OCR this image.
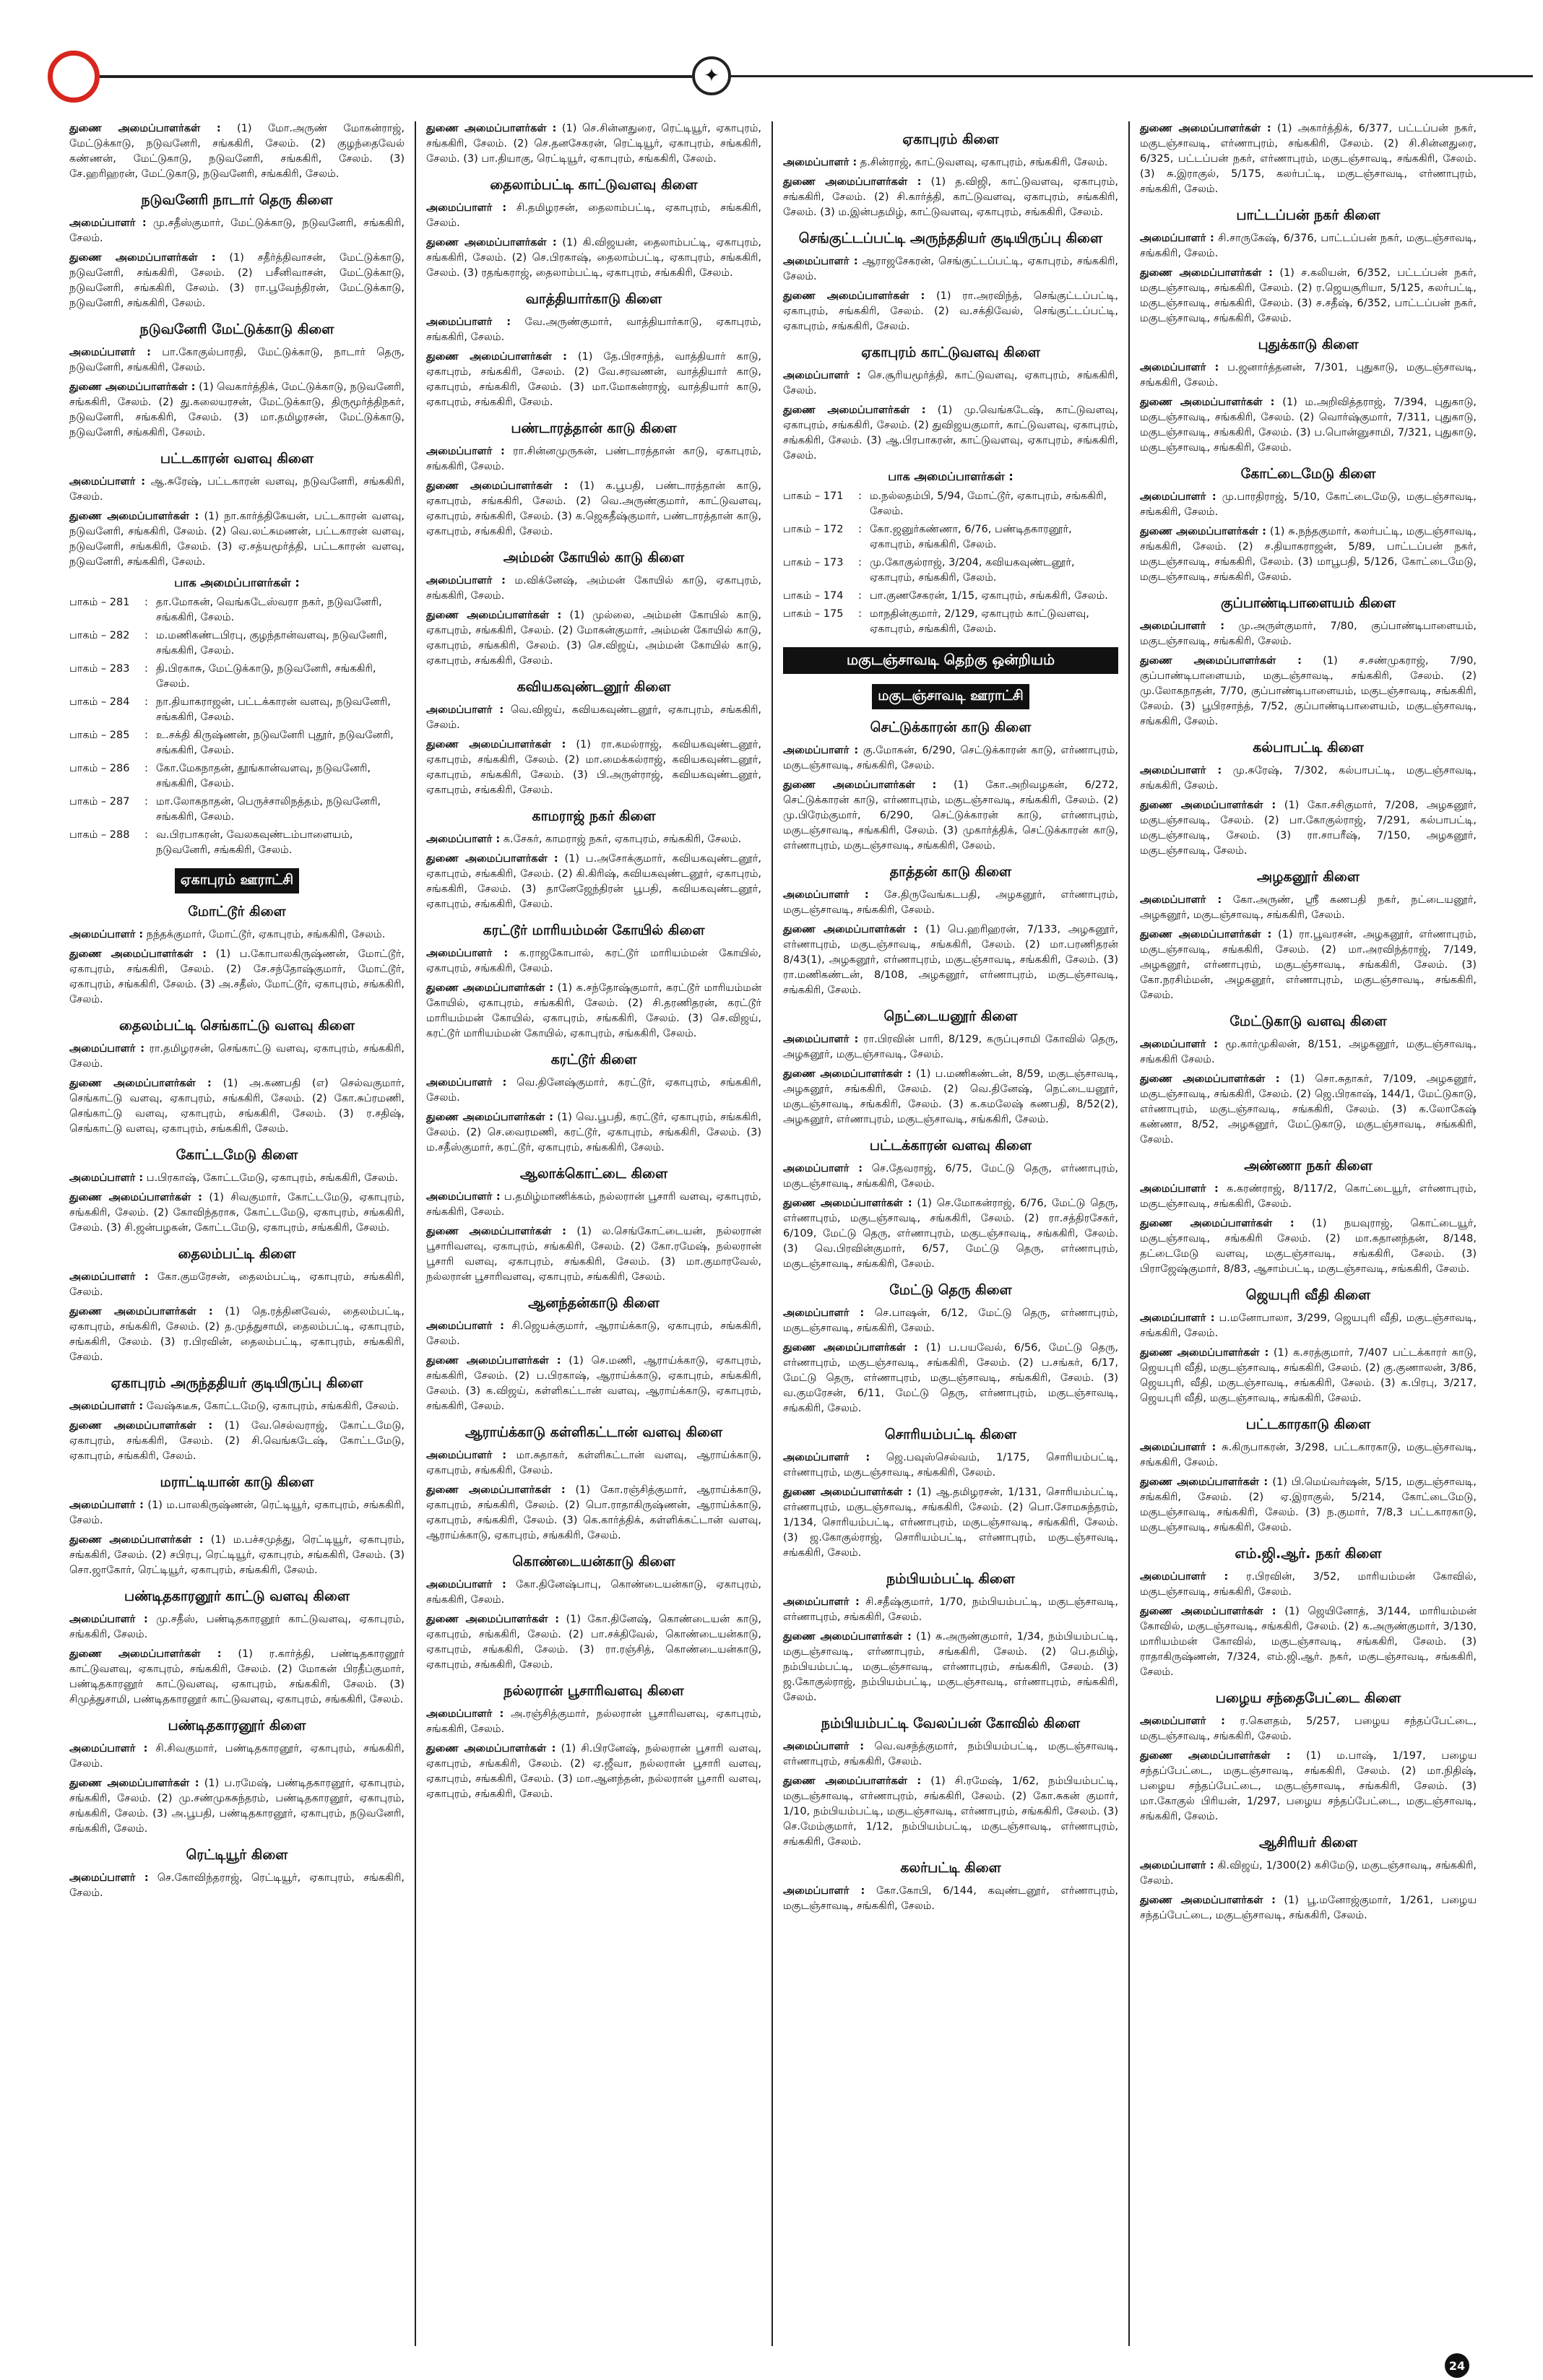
✦

துணை அமைப்பாளர்கள் : (1) மோ.அருண் மோகன்ராஜ், மேட்டுக்காடு, நடுவனேரி, சங்ககிரி, சேலம். (2) குழந்தைவேல் கண்ணன், மேட்டுகாடு, நடுவனேரி, சங்ககிரி, சேலம். (3) சே.ஹரிஹரன், மேட்டுகாடு, நடுவனேரி, சங்ககிரி, சேலம்.

நடுவனேரி நாடார் தெரு கிளை

அமைப்பாளர் : மு.சதீஸ்குமார், மேட்டுக்காடு, நடுவனேரி, சங்ககிரி, சேலம்.

துணை அமைப்பாளர்கள் : (1) சதீர்த்திவாசன், மேட்டுக்காடு, நடுவனேரி, சங்ககிரி, சேலம். (2) பசீனிவாசன், மேட்டுக்காடு, நடுவனேரி, சங்ககிரி, சேலம். (3) ரா.பூவேந்திரன், மேட்டுக்காடு, நடுவனேரி, சங்ககிரி, சேலம்.

நடுவனேரி மேட்டுக்காடு கிளை

அமைப்பாளர் : பா.கோகுல்பாரதி, மேட்டுக்காடு, நாடார் தெரு, நடுவனேரி, சங்ககிரி, சேலம்.

துணை அமைப்பாளர்கள் : (1) வெகார்த்திக், மேட்டுக்காடு, நடுவனேரி, சங்ககிரி, சேலம். (2) து.கலையரசன், மேட்டுக்காடு, திருமூர்த்திநகர், நடுவனேரி, சங்ககிரி, சேலம். (3) மா.தமிழரசன், மேட்டுக்காடு, நடுவனேரி, சங்ககிரி, சேலம்.

பட்டகாரன் வளவு கிளை

அமைப்பாளர் : ஆ.சுரேஷ், பட்டகாரன் வளவு, நடுவனேரி, சங்ககிரி, சேலம்.

துணை அமைப்பாளர்கள் : (1) நா.கார்த்திகேயன், பட்டகாரன் வளவு, நடுவனேரி, சங்ககிரி, சேலம். (2) வெ.லட்சுமணன், பட்டகாரன் வளவு, நடுவனேரி, சங்ககிரி, சேலம். (3) ஏ.சத்யமூர்த்தி, பட்டகாரன் வளவு, நடுவனேரி, சங்ககிரி, சேலம்.

பாக அமைப்பாளர்கள் :
பாகம் – 281	: தா.மோகன், வெங்கடேஸ்வரா நகர், நடுவனேரி, சங்ககிரி, சேலம்.
பாகம் – 282	: ம.மணிகண்டபிரபு, குழந்தான்வளவு, நடுவனேரி, சங்ககிரி, சேலம்.
பாகம் – 283	: தி.பிரகாசு, மேட்டுக்காடு, நடுவனேரி, சங்ககிரி, சேலம்.
பாகம் – 284	: நா.தியாகராஜன், பட்டக்காரன் வளவு, நடுவனேரி, சங்ககிரி, சேலம்.
பாகம் – 285	: உ.சக்தி கிருஷ்ணன், நடுவனேரி புதூர், நடுவனேரி, சங்ககிரி, சேலம்.
பாகம் – 286	: கோ.மேகநாதன், தூங்கான்வளவு, நடுவனேரி, சங்ககிரி, சேலம்.
பாகம் – 287	: மா.லோகநாதன், பெருச்சாலிநத்தம், நடுவனேரி, சங்ககிரி, சேலம்.
பாகம் – 288	: வ.பிரபாகரன், வேலகவுண்டம்பாளையம், நடுவனேரி, சங்ககிரி, சேலம்.
ஏகாபுரம் ஊராட்சி
மோட்டூர் கிளை

அமைப்பாளர் : நந்தக்குமார், மோட்டூர், ஏகாபுரம், சங்ககிரி, சேலம்.

துணை அமைப்பாளர்கள் : (1) ப.கோபாலகிருஷ்ணன், மோட்டூர், ஏகாபுரம், சங்ககிரி, சேலம். (2) சே.சந்தோஷ்குமார், மோட்டூர், ஏகாபுரம், சங்ககிரி, சேலம். (3) அ.சதீஸ், மோட்டூர், ஏகாபுரம், சங்ககிரி, சேலம்.

தைலம்பட்டி செங்காட்டு வளவு கிளை

அமைப்பாளர் : ரா.தமிழரசன், செங்காட்டு வளவு, ஏகாபுரம், சங்ககிரி, சேலம்.

துணை அமைப்பாளர்கள் : (1) அ.கணபதி (எ) செல்வகுமார், செங்காட்டு வளவு, ஏகாபுரம், சங்ககிரி, சேலம். (2) கோ.சுப்ரமணி, செங்காட்டு வளவு, ஏகாபுரம், சங்ககிரி, சேலம். (3) ர.சதிஷ், செங்காட்டு வளவு, ஏகாபுரம், சங்ககிரி, சேலம்.

கோட்டமேடு கிளை

அமைப்பாளர் : ப.பிரகாஷ், கோட்டமேடு, ஏகாபுரம், சங்ககிரி, சேலம்.

துணை அமைப்பாளர்கள் : (1) சிவகுமார், கோட்டமேடு, ஏகாபுரம், சங்ககிரி, சேலம். (2) கோவிந்தராசு, கோட்டமேடு, ஏகாபுரம், சங்ககிரி, சேலம். (3) சி.ஜன்பழகன், கோட்டமேடு, ஏகாபுரம், சங்ககிரி, சேலம்.

தைலம்பட்டி கிளை

அமைப்பாளர் : கோ.குமரேசன், தைலம்பட்டி, ஏகாபுரம், சங்ககிரி, சேலம்.

துணை அமைப்பாளர்கள் : (1) தெ.ரத்தினவேல், தைலம்பட்டி, ஏகாபுரம், சங்ககிரி, சேலம். (2) த.முத்துசாமி, தைலம்பட்டி, ஏகாபுரம், சங்ககிரி, சேலம். (3) ர.பிரவின், தைலம்பட்டி, ஏகாபுரம், சங்ககிரி, சேலம்.

ஏகாபுரம் அருந்ததியர் குடியிருப்பு கிளை

அமைப்பாளர் : வேஷ்கடீசு, கோட்டமேடு, ஏகாபுரம், சங்ககிரி, சேலம்.

துணை அமைப்பாளர்கள் : (1) வே.செல்வராஜ், கோட்டமேடு, ஏகாபுரம், சங்ககிரி, சேலம். (2) சி.வெங்கடேஷ், கோட்டமேடு, ஏகாபுரம், சங்ககிரி, சேலம்.

மராட்டியான் காடு கிளை

அமைப்பாளர் : (1) ம.பாலகிருஷ்ணன், ரெட்டியூர், ஏகாபுரம், சங்ககிரி, சேலம்.

துணை அமைப்பாளர்கள் : (1) ம.பச்சமுத்து, ரெட்டியூர், ஏகாபுரம், சங்ககிரி, சேலம். (2) சபிரபு, ரெட்டியூர், ஏகாபுரம், சங்ககிரி, சேலம். (3) சொ.ஜாகோர், ரெட்டியூர், ஏகாபுரம், சங்ககிரி, சேலம்.

பண்டிதகாரனூர் காட்டு வளவு கிளை

அமைப்பாளர் : மு.சதீஸ், பண்டிதகாரனூர் காட்டுவளவு, ஏகாபுரம், சங்ககிரி, சேலம்.

துணை அமைப்பாளர்கள் : (1) ர.கார்த்தி, பண்டிதகாரனூர் காட்டுவளவு, ஏகாபுரம், சங்ககிரி, சேலம். (2) மோகன் பிரதீப்குமார், பண்டிதகாரனூர் காட்டுவளவு, ஏகாபுரம், சங்ககிரி, சேலம். (3) சிமுத்துசாமி, பண்டிதகாரனூர் காட்டுவளவு, ஏகாபுரம், சங்ககிரி, சேலம்.

பண்டிதகாரனூர் கிளை

அமைப்பாளர் : சி.சிவகுமார், பண்டிதகாரனூர், ஏகாபுரம், சங்ககிரி, சேலம்.

துணை அமைப்பாளர்கள் : (1) ப.ரமேஷ், பண்டிதகாரனூர், ஏகாபுரம், சங்ககிரி, சேலம். (2) மு.சண்முகசுந்தரம், பண்டிதகாரனூர், ஏகாபுரம், சங்ககிரி, சேலம். (3) அ.பூபதி, பண்டிதகாரனூர், ஏகாபுரம், நடுவனேரி, சங்ககிரி, சேலம்.

ரெட்டியூர் கிளை

அமைப்பாளர் : செ.கோவிந்தராஜ், ரெட்டியூர், ஏகாபுரம், சங்ககிரி, சேலம்.

துணை அமைப்பாளர்கள் : (1) செ.சின்னதுரை, ரெட்டியூர், ஏகாபுரம், சங்ககிரி, சேலம். (2) செ.தனசேகரன், ரெட்டியூர், ஏகாபுரம், சங்ககிரி, சேலம். (3) பா.தியாகு, ரெட்டியூர், ஏகாபுரம், சங்ககிரி, சேலம்.

தைலாம்பட்டி காட்டுவளவு கிளை

அமைப்பாளர் : சி.தமிழரசன், தைலாம்பட்டி, ஏகாபுரம், சங்ககிரி, சேலம்.

துணை அமைப்பாளர்கள் : (1) கி.விஜயன், தைலாம்பட்டி, ஏகாபுரம், சங்ககிரி, சேலம். (2) செ.பிரகாஷ், தைலாம்பட்டி, ஏகாபுரம், சங்ககிரி, சேலம். (3) ரதங்கராஜ், தைலாம்பட்டி, ஏகாபுரம், சங்ககிரி, சேலம்.

வாத்தியார்காடு கிளை

அமைப்பாளர் : வே.அருண்குமார், வாத்தியார்காடு, ஏகாபுரம், சங்ககிரி, சேலம்.

துணை அமைப்பாளர்கள் : (1) தே.பிரசாந்த், வாத்தியார் காடு, ஏகாபுரம், சங்ககிரி, சேலம். (2) வே.சரவணன், வாத்தியார் காடு, ஏகாபுரம், சங்ககிரி, சேலம். (3) மா.மோகன்ராஜ், வாத்தியார் காடு, ஏகாபுரம், சங்ககிரி, சேலம்.

பண்டாரத்தான் காடு கிளை

அமைப்பாளர் : ரா.சின்னமுருகன், பண்டாரத்தான் காடு, ஏகாபுரம், சங்ககிரி, சேலம்.

துணை அமைப்பாளர்கள் : (1) க.பூபதி, பண்டாரத்தான் காடு, ஏகாபுரம், சங்ககிரி, சேலம். (2) வெ.அருண்குமார், காட்டுவளவு, ஏகாபுரம், சங்ககிரி, சேலம். (3) க.ஜெகதீஷ்குமார், பண்டாரத்தான் காடு, ஏகாபுரம், சங்ககிரி, சேலம்.

அம்மன் கோயில் காடு கிளை

அமைப்பாளர் : ம.விக்னேஷ், அம்மன் கோயில் காடு, ஏகாபுரம், சங்ககிரி, சேலம்.

துணை அமைப்பாளர்கள் : (1) முல்லை, அம்மன் கோயில் காடு, ஏகாபுரம், சங்ககிரி, சேலம். (2) மோகன்குமார், அம்மன் கோயில் காடு, ஏகாபுரம், சங்ககிரி, சேலம். (3) செ.விஜய், அம்மன் கோயில் காடு, ஏகாபுரம், சங்ககிரி, சேலம்.

கவியகவுண்டனூர் கிளை

அமைப்பாளர் : வெ.விஜய், கவியகவுண்டனூர், ஏகாபுரம், சங்ககிரி, சேலம்.

துணை அமைப்பாளர்கள் : (1) ரா.கமல்ராஜ், கவியகவுண்டனூர், ஏகாபுரம், சங்ககிரி, சேலம். (2) மா.மைக்கல்ராஜ், கவியகவுண்டனூர், ஏகாபுரம், சங்ககிரி, சேலம். (3) பி.அருள்ராஜ், கவியகவுண்டனூர், ஏகாபுரம், சங்ககிரி, சேலம்.

காமராஜ் நகர் கிளை

அமைப்பாளர் : க.சேகர், காமராஜ் நகர், ஏகாபுரம், சங்ககிரி, சேலம்.

துணை அமைப்பாளர்கள் : (1) ப.அசோக்குமார், கவியகவுண்டனூர், ஏகாபுரம், சங்ககிரி, சேலம். (2) கி.கிரிஷ், கவியகவுண்டனூர், ஏகாபுரம், சங்ககிரி, சேலம். (3) தானேஜேந்திரன் பூபதி, கவியகவுண்டனூர், ஏகாபுரம், சங்ககிரி, சேலம்.

கரட்டூர் மாரியம்மன் கோயில் கிளை

அமைப்பாளர் : க.ராஜகோபால், கரட்டூர் மாரியம்மன் கோயில், ஏகாபுரம், சங்ககிரி, சேலம்.

துணை அமைப்பாளர்கள் : (1) க.சந்தோஷ்குமார், கரட்டூர் மாரியம்மன் கோயில், ஏகாபுரம், சங்ககிரி, சேலம். (2) சி.தரணிதரன், கரட்டூர் மாரியம்மன் கோயில், ஏகாபுரம், சங்ககிரி, சேலம். (3) செ.விஜய், கரட்டூர் மாரியம்மன் கோயில், ஏகாபுரம், சங்ககிரி, சேலம்.

கரட்டூர் கிளை

அமைப்பாளர் : வெ.தினேஷ்குமார், கரட்டூர், ஏகாபுரம், சங்ககிரி, சேலம்.

துணை அமைப்பாளர்கள் : (1) வெ.பூபதி, கரட்டூர், ஏகாபுரம், சங்ககிரி, சேலம். (2) செ.வைரமணி, கரட்டூர், ஏகாபுரம், சங்ககிரி, சேலம். (3) ம.சதீஸ்குமார், கரட்டூர், ஏகாபுரம், சங்ககிரி, சேலம்.

ஆலாக்கொட்டை கிளை

அமைப்பாளர் : ப.தமிழ்மாணிக்கம், நல்லரான் பூசாரி வளவு, ஏகாபுரம், சங்ககிரி, சேலம்.

துணை அமைப்பாளர்கள் : (1) ல.செங்கோட்டையன், நல்லரான் பூசாரிவளவு, ஏகாபுரம், சங்ககிரி, சேலம். (2) கோ.ரமேஷ், நல்லரான் பூசாரி வளவு, ஏகாபுரம், சங்ககிரி, சேலம். (3) மா.குமாரவேல், நல்லரான் பூசாரிவளவு, ஏகாபுரம், சங்ககிரி, சேலம்.

ஆனந்தன்காடு கிளை

அமைப்பாளர் : சி.ஜெயக்குமார், ஆராய்க்காடு, ஏகாபுரம், சங்ககிரி, சேலம்.

துணை அமைப்பாளர்கள் : (1) செ.மணி, ஆராய்க்காடு, ஏகாபுரம், சங்ககிரி, சேலம். (2) ப.பிரகாஷ், ஆராய்க்காடு, ஏகாபுரம், சங்ககிரி, சேலம். (3) க.விஜய், கள்ளிகட்டான் வளவு, ஆராய்க்காடு, ஏகாபுரம், சங்ககிரி, சேலம்.

ஆராய்க்காடு கள்ளிகட்டான் வளவு கிளை

அமைப்பாளர் : மா.சுதாகர், கள்ளிகட்டான் வளவு, ஆராய்க்காடு, ஏகாபுரம், சங்ககிரி, சேலம்.

துணை அமைப்பாளர்கள் : (1) கோ.ரஞ்சித்குமார், ஆராய்க்காடு, ஏகாபுரம், சங்ககிரி, சேலம். (2) பொ.ராதாகிருஷ்ணன், ஆராய்க்காடு, ஏகாபுரம், சங்ககிரி, சேலம். (3) கெ.கார்த்திக், கள்ளிக்கட்டான் வளவு, ஆராய்க்காடு, ஏகாபுரம், சங்ககிரி, சேலம்.

கொண்டையன்காடு கிளை

அமைப்பாளர் : கோ.தினேஷ்பாபு, கொண்டையன்காடு, ஏகாபுரம், சங்ககிரி, சேலம்.

துணை அமைப்பாளர்கள் : (1) கோ.தினேஷ், கொண்டையன் காடு, ஏகாபுரம், சங்ககிரி, சேலம். (2) பா.சக்திவேல், கொண்டையன்காடு, ஏகாபுரம், சங்ககிரி, சேலம். (3) ரா.ரஞ்சித், கொண்டையன்காடு, ஏகாபுரம், சங்ககிரி, சேலம்.

நல்லரான் பூசாரிவளவு கிளை

அமைப்பாளர் : அ.ரஞ்சித்குமார், நல்லரான் பூசாரிவளவு, ஏகாபுரம், சங்ககிரி, சேலம்.

துணை அமைப்பாளர்கள் : (1) சி.பிரனேஷ், நல்லரான் பூசாரி வளவு, ஏகாபுரம், சங்ககிரி, சேலம். (2) ஏ.ஜீவா, நல்லரான் பூசாரி வளவு, ஏகாபுரம், சங்ககிரி, சேலம். (3) மா.ஆனந்தன், நல்லரான் பூசாரி வளவு, ஏகாபுரம், சங்ககிரி, சேலம்.

ஏகாபுரம் கிளை

அமைப்பாளர் : த.சின்ராஜ், காட்டுவளவு, ஏகாபுரம், சங்ககிரி, சேலம்.

துணை அமைப்பாளர்கள் : (1) த.விஜி, காட்டுவளவு, ஏகாபுரம், சங்ககிரி, சேலம். (2) சி.கார்த்தி, காட்டுவளவு, ஏகாபுரம், சங்ககிரி, சேலம். (3) ம.இன்பதமிழ், காட்டுவளவு, ஏகாபுரம், சங்ககிரி, சேலம்.

செங்குட்டப்பட்டி அருந்ததியர் குடியிருப்பு கிளை

அமைப்பாளர் : ஆராஜசேகரன், செங்குட்டப்பட்டி, ஏகாபுரம், சங்ககிரி, சேலம்.

துணை அமைப்பாளர்கள் : (1) ரா.அரவிந்த், செங்குட்டப்பட்டி, ஏகாபுரம், சங்ககிரி, சேலம். (2) வ.சக்திவேல், செங்குட்டப்பட்டி, ஏகாபுரம், சங்ககிரி, சேலம்.

ஏகாபுரம் காட்டுவளவு கிளை

அமைப்பாளர் : செ.சூரியமூர்த்தி, காட்டுவளவு, ஏகாபுரம், சங்ககிரி, சேலம்.

துணை அமைப்பாளர்கள் : (1) மு.வெங்கடேஷ், காட்டுவளவு, ஏகாபுரம், சங்ககிரி, சேலம். (2) துவிஜயகுமார், காட்டுவளவு, ஏகாபுரம், சங்ககிரி, சேலம். (3) ஆ.பிரபாகரன், காட்டுவளவு, ஏகாபுரம், சங்ககிரி, சேலம்.

பாக அமைப்பாளர்கள் :
பாகம் – 171	: ம.நல்லதம்பி, 5/94, மோட்டூர், ஏகாபுரம், சங்ககிரி, சேலம்.
பாகம் – 172	: கோ.ஜனுர்கண்ணா, 6/76, பண்டிதகாரனூர், ஏகாபுரம், சங்ககிரி, சேலம்.
பாகம் – 173	: மு.கோகுல்ராஜ், 3/204, கவியகவுண்டனூர், ஏகாபுரம், சங்ககிரி, சேலம்.
பாகம் – 174	: பா.குணசேகரன், 1/15, ஏகாபுரம், சங்ககிரி, சேலம்.
பாகம் – 175	: மாநதின்குமார், 2/129, ஏகாபுரம் காட்டுவளவு, ஏகாபுரம், சங்ககிரி, சேலம்.
மகுடஞ்சாவடி தெற்கு ஒன்றியம்
மகுடஞ்சாவடி ஊராட்சி
செட்டுக்காரன் காடு கிளை

அமைப்பாளர் : கு.மோகன், 6/290, செட்டுக்காரன் காடு, எர்ணாபுரம், மகுடஞ்சாவடி, சங்ககிரி, சேலம்.

துணை அமைப்பாளர்கள் : (1) கோ.அறிவழகன், 6/272, செட்டுக்காரன் காடு, எர்ணாபுரம், மகுடஞ்சாவடி, சங்ககிரி, சேலம். (2) மு.பிரேம்குமார், 6/290, செட்டுக்காரன் காடு, எர்ணாபுரம், மகுடஞ்சாவடி, சங்ககிரி, சேலம். (3) முகார்த்திக், செட்டுக்காரன் காடு, எர்ணாபுரம், மகுடஞ்சாவடி, சங்ககிரி, சேலம்.

தாத்தன் காடு கிளை

அமைப்பாளர் : சே.திருவேங்கடபதி, அழகனூர், எர்ணாபுரம், மகுடஞ்சாவடி, சங்ககிரி, சேலம்.

துணை அமைப்பாளர்கள் : (1) பெ.ஹரிஹரன், 7/133, அழகனூர், எர்ணாபுரம், மகுடஞ்சாவடி, சங்ககிரி, சேலம். (2) மா.பரணிதரன் 8/43(1), அழகனூர், எர்ணாபுரம், மகுடஞ்சாவடி, சங்ககிரி, சேலம். (3) ரா.மணிகண்டன், 8/108, அழகனூர், எர்ணாபுரம், மகுடஞ்சாவடி, சங்ககிரி, சேலம்.

நெட்டையனூர் கிளை

அமைப்பாளர் : ரா.பிரவின் பாரி, 8/129, கருப்புசாமி கோவில் தெரு, அழகனூர், மகுடஞ்சாவடி, சேலம்.

துணை அமைப்பாளர்கள் : (1) ப.மணிகண்டன், 8/59, மகுடஞ்சாவடி, அழகனூர், சங்ககிரி, சேலம். (2) வெ.தினேஷ், நெட்டையனூர், மகுடஞ்சாவடி, சங்ககிரி, சேலம். (3) க.கமலேஷ் கணபதி, 8/52(2), அழகனூர், எர்ணாபுரம், மகுடஞ்சாவடி, சங்ககிரி, சேலம்.

பட்டக்காரன் வளவு கிளை

அமைப்பாளர் : செ.தேவராஜ், 6/75, மேட்டு தெரு, எர்ணாபுரம், மகுடஞ்சாவடி, சங்ககிரி, சேலம்.

துணை அமைப்பாளர்கள் : (1) செ.மோகன்ராஜ், 6/76, மேட்டு தெரு, எர்ணாபுரம், மகுடஞ்சாவடி, சங்ககிரி, சேலம். (2) ரா.சத்திரசேகர், 6/109, மேட்டு தெரு, எர்ணாபுரம், மகுடஞ்சாவடி, சங்ககிரி, சேலம். (3) வெ.பிரவின்குமார், 6/57, மேட்டு தெரு, எர்ணாபுரம், மகுடஞ்சாவடி, சங்ககிரி, சேலம்.

மேட்டு தெரு கிளை

அமைப்பாளர் : செ.பாஷன், 6/12, மேட்டு தெரு, எர்ணாபுரம், மகுடஞ்சாவடி, சங்ககிரி, சேலம்.

துணை அமைப்பாளர்கள் : (1) ப.பயவேல், 6/56, மேட்டு தெரு, எர்ணாபுரம், மகுடஞ்சாவடி, சங்ககிரி, சேலம். (2) ப.சங்கர், 6/17, மேட்டு தெரு, எர்ணாபுரம், மகுடஞ்சாவடி, சங்ககிரி, சேலம். (3) வ.குமரேசன், 6/11, மேட்டு தெரு, எர்ணாபுரம், மகுடஞ்சாவடி, சங்ககிரி, சேலம்.

சொரியம்பட்டி கிளை

அமைப்பாளர் : ஜெ.பவுஸ்செல்வம், 1/175, சொரியம்பட்டி, எர்ணாபுரம், மகுடஞ்சாவடி, சங்ககிரி, சேலம்.

துணை அமைப்பாளர்கள் : (1) ஆ.தமிழரசன், 1/131, சொரியம்பட்டி, எர்ணாபுரம், மகுடஞ்சாவடி, சங்ககிரி, சேலம். (2) பொ.சோமசுந்தரம், 1/134, சொரியம்பட்டி, எர்ணாபுரம், மகுடஞ்சாவடி, சங்ககிரி, சேலம். (3) ஜ.கோகுல்ராஜ், சொரியம்பட்டி, எர்ணாபுரம், மகுடஞ்சாவடி, சங்ககிரி, சேலம்.

நம்பியம்பட்டி கிளை

அமைப்பாளர் : சி.சதீஷ்குமார், 1/70, நம்பியம்பட்டி, மகுடஞ்சாவடி, எர்ணாபுரம், சங்ககிரி, சேலம்.

துணை அமைப்பாளர்கள் : (1) சு.அருண்குமார், 1/34, நம்பியம்பட்டி, மகுடஞ்சாவடி, எர்ணாபுரம், சங்ககிரி, சேலம். (2) பெ.தமிழ், நம்பியம்பட்டி, மகுடஞ்சாவடி, எர்ணாபுரம், சங்ககிரி, சேலம். (3) ஜ.கோகுல்ராஜ், நம்பியம்பட்டி, மகுடஞ்சாவடி, எர்ணாபுரம், சங்ககிரி, சேலம்.

நம்பியம்பட்டி வேலப்பன் கோவில் கிளை

அமைப்பாளர் : வெ.வசந்த்குமார், நம்பியம்பட்டி, மகுடஞ்சாவடி, எர்ணாபுரம், சங்ககிரி, சேலம்.

துணை அமைப்பாளர்கள் : (1) சி.ரமேஷ், 1/62, நம்பியம்பட்டி, மகுடஞ்சாவடி, எர்ணாபுரம், சங்ககிரி, சேலம். (2) கோ.சுகன் குமார், 1/10, நம்பியம்பட்டி, மகுடஞ்சாவடி, எர்ணாபுரம், சங்ககிரி, சேலம். (3) செ.மேம்குமார், 1/12, நம்பியம்பட்டி, மகுடஞ்சாவடி, எர்ணாபுரம், சங்ககிரி, சேலம்.

கலர்பட்டி கிளை

அமைப்பாளர் : கோ.கோபி, 6/144, கவுண்டனூர், எர்ணாபுரம், மகுடஞ்சாவடி, சங்ககிரி, சேலம்.

துணை அமைப்பாளர்கள் : (1) அகார்த்திக், 6/377, பட்டப்பன் நகர், மகுடஞ்சாவடி, எர்ணாபுரம், சங்ககிரி, சேலம். (2) சி.சின்னதுரை, 6/325, பட்டப்பன் நகர், எர்ணாபுரம், மகுடஞ்சாவடி, சங்ககிரி, சேலம். (3) சு.இராகுல், 5/175, கலர்பட்டி, மகுடஞ்சாவடி, எர்ணாபுரம், சங்ககிரி, சேலம்.

பாட்டப்பன் நகர் கிளை

அமைப்பாளர் : சி.சாருகேஷ், 6/376, பாட்டப்பன் நகர், மகுடஞ்சாவடி, சங்ககிரி, சேலம்.

துணை அமைப்பாளர்கள் : (1) ச.கலியன், 6/352, பட்டப்பன் நகர், மகுடஞ்சாவடி, சங்ககிரி, சேலம். (2) ர.ஜெயசூரியா, 5/125, கலர்பட்டி, மகுடஞ்சாவடி, சங்ககிரி, சேலம். (3) ச.சதீஷ், 6/352, பாட்டப்பன் நகர், மகுடஞ்சாவடி, சங்ககிரி, சேலம்.

புதுக்காடு கிளை

அமைப்பாளர் : ப.ஜனார்த்தனன், 7/301, புதுகாடு, மகுடஞ்சாவடி, சங்ககிரி, சேலம்.

துணை அமைப்பாளர்கள் : (1) ம.அறிவித்தராஜ், 7/394, புதுகாடு, மகுடஞ்சாவடி, சங்ககிரி, சேலம். (2) வொர்ஷ்குமார், 7/311, புதுகாடு, மகுடஞ்சாவடி, சங்ககிரி, சேலம். (3) ப.பொன்னுசாமி, 7/321, புதுகாடு, மகுடஞ்சாவடி, சங்ககிரி, சேலம்.

கோட்டைமேடு கிளை

அமைப்பாளர் : மு.பாரதிராஜ், 5/10, கோட்டைமேடு, மகுடஞ்சாவடி, சங்ககிரி, சேலம்.

துணை அமைப்பாளர்கள் : (1) சு.நந்தகுமார், கலர்பட்டி, மகுடஞ்சாவடி, சங்ககிரி, சேலம். (2) ச.தியாகராஜன், 5/89, பாட்டப்பன் நகர், மகுடஞ்சாவடி, சங்ககிரி, சேலம். (3) மாபூபதி, 5/126, கோட்டைமேடு, மகுடஞ்சாவடி, சங்ககிரி, சேலம்.

குப்பாண்டிபாளையம் கிளை

அமைப்பாளர் : மு.அருள்குமார், 7/80, குப்பாண்டிபாளையம், மகுடஞ்சாவடி, சங்ககிரி, சேலம்.

துணை அமைப்பாளர்கள் : (1) ச.சண்முகராஜ், 7/90, குப்பாண்டிபாளையம், மகுடஞ்சாவடி, சங்ககிரி, சேலம். (2) மு.லோகநாதன், 7/70, குப்பாண்டிபாளையம், மகுடஞ்சாவடி, சங்ககிரி, சேலம். (3) பூபிரசாந்த், 7/52, குப்பாண்டிபாளையம், மகுடஞ்சாவடி, சங்ககிரி, சேலம்.

கல்பாபட்டி கிளை

அமைப்பாளர் : மு.சுரேஷ், 7/302, கல்பாபட்டி, மகுடஞ்சாவடி, சங்ககிரி, சேலம்.

துணை அமைப்பாளர்கள் : (1) கோ.சசிகுமார், 7/208, அழகனூர், மகுடஞ்சாவடி, சேலம். (2) பா.கோகுல்ராஜ், 7/291, கல்பாபட்டி, மகுடஞ்சாவடி, சேலம். (3) ரா.சாபரீஷ், 7/150, அழகனூர், மகுடஞ்சாவடி, சேலம்.

அழகனூர் கிளை

அமைப்பாளர் : கோ.அருண், ஸ்ரீ கணபதி நகர், நட்டையனூர், அழகனூர், மகுடஞ்சாவடி, சங்ககிரி, சேலம்.

துணை அமைப்பாளர்கள் : (1) ரா.பூவரசன், அழகனூர், எர்ணாபுரம், மகுடஞ்சாவடி, சங்ககிரி, சேலம். (2) மா.அரவிந்த்ராஜ், 7/149, அழகனூர், எர்ணாபுரம், மகுடஞ்சாவடி, சங்ககிரி, சேலம். (3) கோ.நரசிம்மன், அழகனூர், எர்ணாபுரம், மகுடஞ்சாவடி, சங்ககிரி, சேலம்.

மேட்டுகாடு வளவு கிளை

அமைப்பாளர் : மூ.கார்முகிலன், 8/151, அழகனூர், மகுடஞ்சாவடி, சங்ககிரி சேலம்.

துணை அமைப்பாளர்கள் : (1) சொ.சுதாகர், 7/109, அழகனூர், மகுடஞ்சாவடி, சங்ககிரி, சேலம். (2) ஜெ.பிரகாஷ், 144/1, மேட்டுகாடு, எர்ணாபுரம், மகுடஞ்சாவடி, சங்ககிரி, சேலம். (3) க.லோகேஷ் கண்ணா, 8/52, அழகனூர், மேட்டுகாடு, மகுடஞ்சாவடி, சங்ககிரி, சேலம்.

அண்ணா நகர் கிளை

அமைப்பாளர் : க.கரண்ராஜ், 8/117/2, கொட்டையூர், எர்ணாபுரம், மகுடஞ்சாவடி, சங்ககிரி, சேலம்.

துணை அமைப்பாளர்கள் : (1) நயவுராஜ், கொட்டையூர், மகுடஞ்சாவடி, சங்ககிரி சேலம். (2) மா.கதானந்தன், 8/148, தட்டைமேடு வளவு, மகுடஞ்சாவடி, சங்ககிரி, சேலம். (3) பிராஜேஷ்குமார், 8/83, ஆசாம்பட்டி, மகுடஞ்சாவடி, சங்ககிரி, சேலம்.

ஜெயபுரி வீதி கிளை

அமைப்பாளர் : ப.மனோபாலா, 3/299, ஜெயபுரி வீதி, மகுடஞ்சாவடி, சங்ககிரி, சேலம்.

துணை அமைப்பாளர்கள் : (1) க.சரத்குமார், 7/407 பட்டக்காரர் காடு, ஜெயபுரி வீதி, மகுடஞ்சாவடி, சங்ககிரி, சேலம். (2) கு.குணாலன், 3/86, ஜெயபுரி, வீதி, மகுடஞ்சாவடி, சங்ககிரி, சேலம். (3) க.பிரபு, 3/217, ஜெயபுரி வீதி, மகுடஞ்சாவடி, சங்ககிரி, சேலம்.

பட்டகாரகாடு கிளை

அமைப்பாளர் : சு.கிருபாகரன், 3/298, பட்டகாரகாடு, மகுடஞ்சாவடி, சங்ககிரி, சேலம்.

துணை அமைப்பாளர்கள் : (1) பி.மெய்வர்ஷன், 5/15, மகுடஞ்சாவடி, சங்ககிரி, சேலம். (2) ஏ.இராகுல், 5/214, கோட்டைமேடு, மகுடஞ்சாவடி, சங்ககிரி, சேலம். (3) ந.குமார், 7/8,3 பட்டகாரகாடு, மகுடஞ்சாவடி, சங்ககிரி, சேலம்.

எம்.ஜி.ஆர். நகர் கிளை

அமைப்பாளர் : ர.பிரவின், 3/52, மாரியம்மன் கோவில், மகுடஞ்சாவடி, சங்ககிரி, சேலம்.

துணை அமைப்பாளர்கள் : (1) ஜெயினோத், 3/144, மாரியம்மன் கோவில், மகுடஞ்சாவடி, சங்ககிரி, சேலம். (2) க.அருண்குமார், 3/130, மாரியம்மன் கோவில், மகுடஞ்சாவடி, சங்ககிரி, சேலம். (3) ராதாகிருஷ்ணன், 7/324, எம்.ஜி.ஆர். நகர், மகுடஞ்சாவடி, சங்ககிரி, சேலம்.

பழைய சந்தைபேட்டை கிளை

அமைப்பாளர் : ர.கௌதம், 5/257, பழைய சந்தப்பேட்டை, மகுடஞ்சாவடி, சங்ககிரி, சேலம்.

துணை அமைப்பாளர்கள் : (1) ம.பாஷ், 1/197, பழைய சந்தப்பேட்டை, மகுடஞ்சாவடி, சங்ககிரி, சேலம். (2) மா.நிதிஷ், பழைய சந்தப்பேட்டை, மகுடஞ்சாவடி, சங்ககிரி, சேலம். (3) மா.கோகுல் பிரியன், 1/297, பழைய சந்தப்பேட்டை, மகுடஞ்சாவடி, சங்ககிரி, சேலம்.

ஆசிரியர் கிளை

அமைப்பாளர் : கி.விஜய், 1/300(2) கசிமேடு, மகுடஞ்சாவடி, சங்ககிரி, சேலம்.

துணை அமைப்பாளர்கள் : (1) பூ.மனோஜ்குமார், 1/261, பழைய சந்தப்பேட்டை, மகுடஞ்சாவடி, சங்ககிரி, சேலம்.

24
